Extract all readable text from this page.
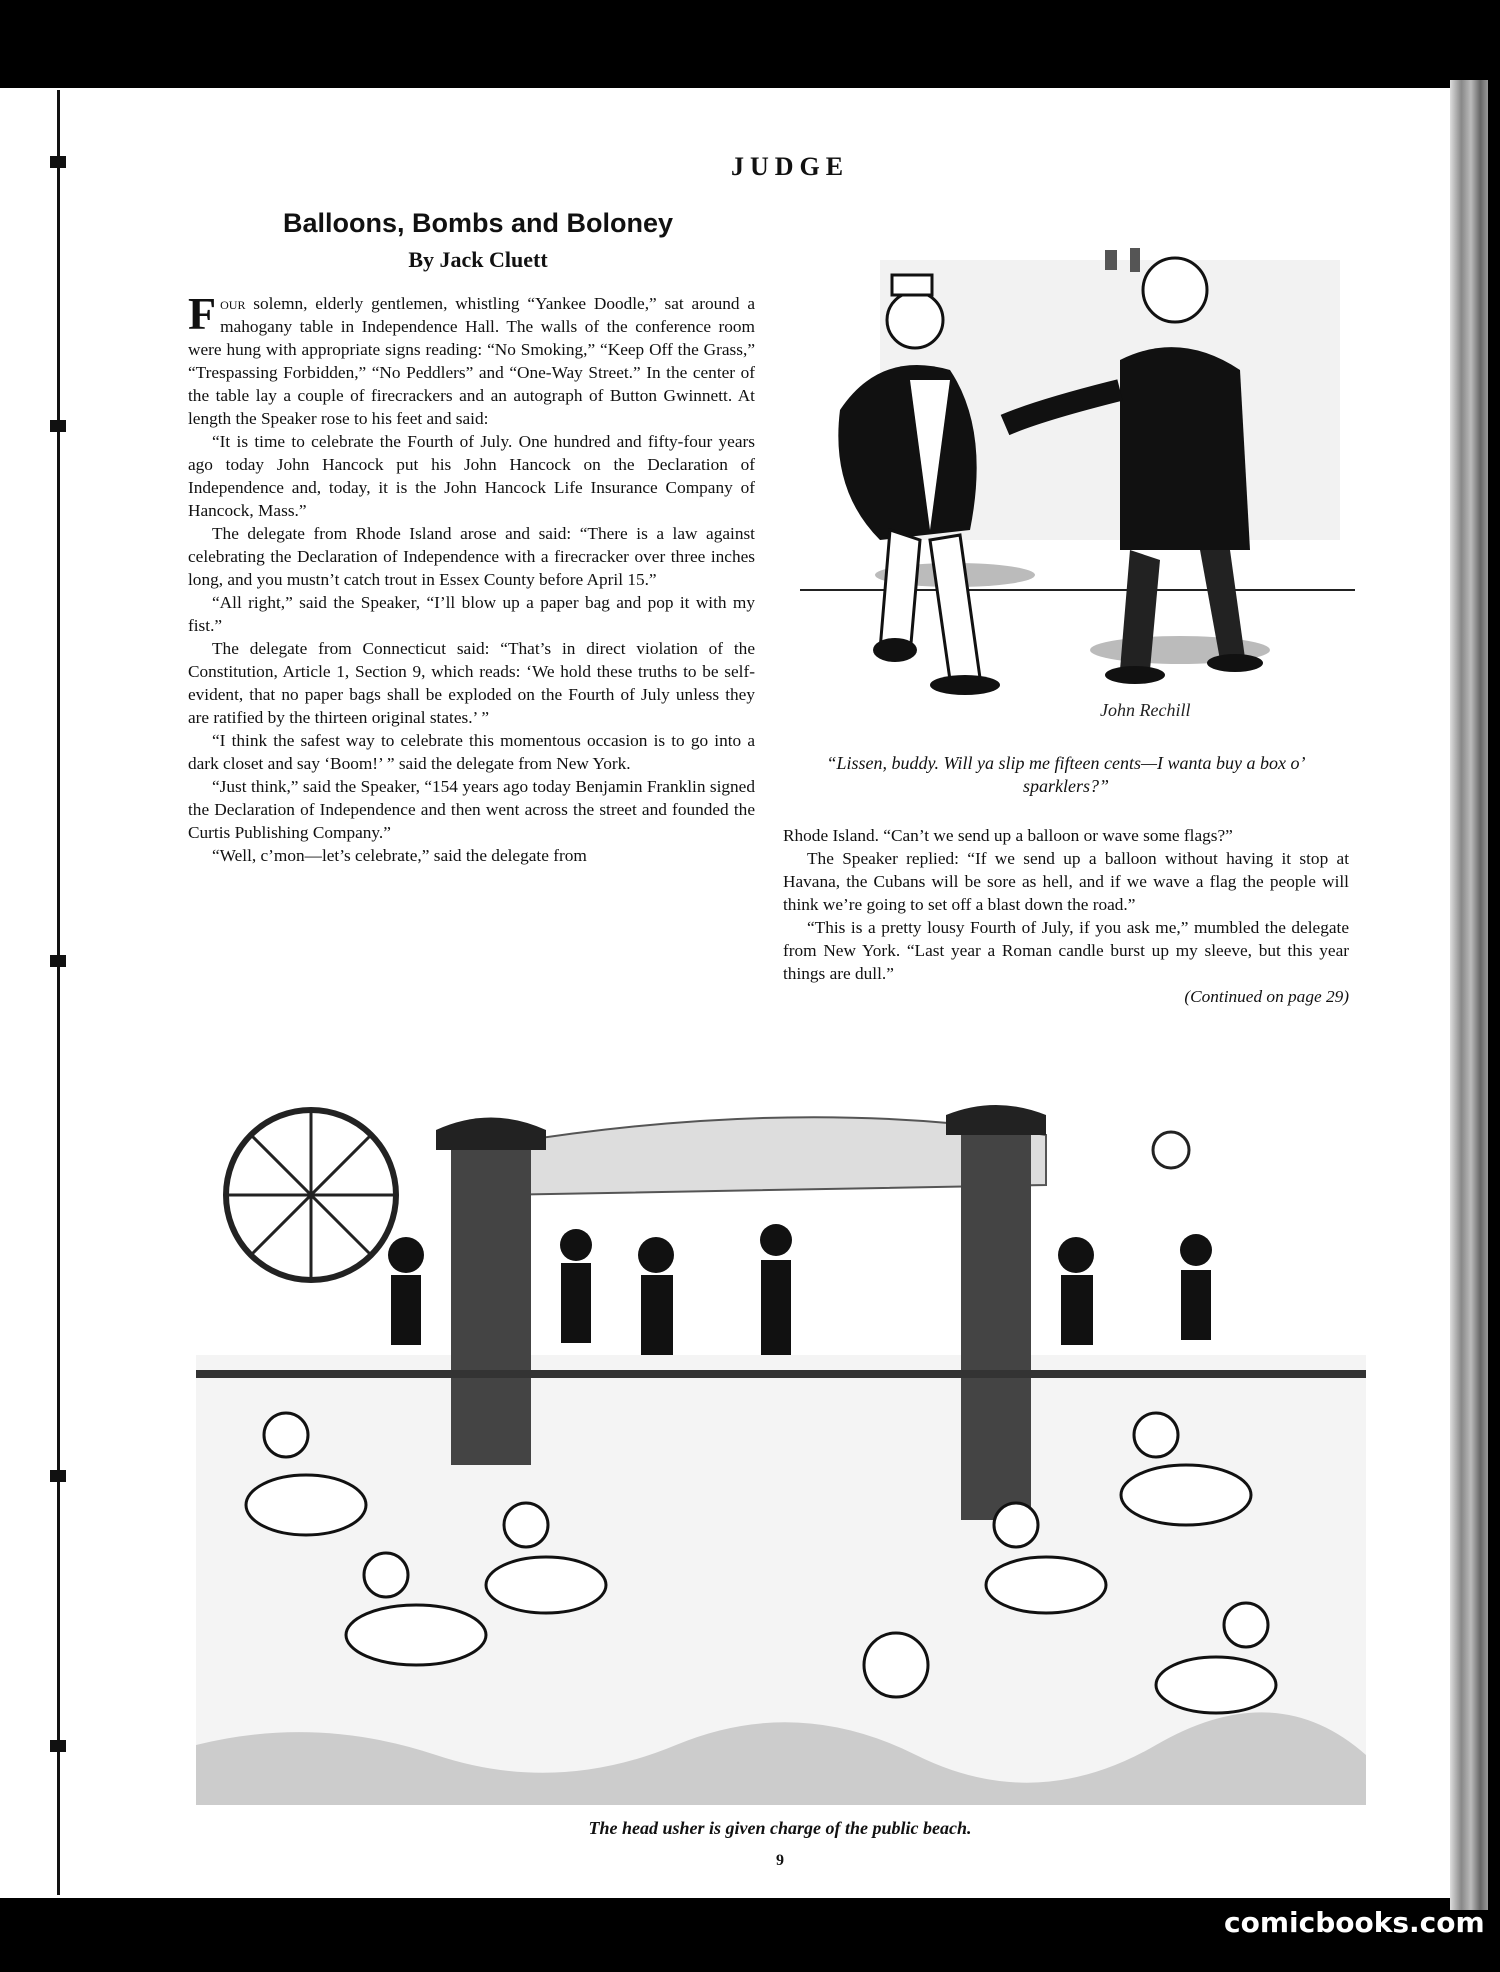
JUDGE
Balloons, Bombs and Boloney
By Jack Cluett

Four solemn, elderly gentlemen, whistling “Yankee Doodle,” sat around a mahogany table in Independence Hall. The walls of the conference room were hung with appropriate signs reading: “No Smoking,” “Keep Off the Grass,” “Trespassing Forbidden,” “No Peddlers” and “One-Way Street.” In the center of the table lay a couple of firecrackers and an autograph of Button Gwinnett. At length the Speaker rose to his feet and said:

“It is time to celebrate the Fourth of July. One hundred and fifty-four years ago today John Hancock put his John Hancock on the Declaration of Independence and, today, it is the John Hancock Life Insurance Company of Hancock, Mass.”

The delegate from Rhode Island arose and said: “There is a law against celebrating the Declaration of Independence with a firecracker over three inches long, and you mustn’t catch trout in Essex County before April 15.”

“All right,” said the Speaker, “I’ll blow up a paper bag and pop it with my fist.”

The delegate from Connecticut said: “That’s in direct violation of the Constitution, Article 1, Section 9, which reads: ‘We hold these truths to be self-evident, that no paper bags shall be exploded on the Fourth of July unless they are ratified by the thirteen original states.’ ”

“I think the safest way to celebrate this momentous occasion is to go into a dark closet and say ‘Boom!’ ” said the delegate from New York.

“Just think,” said the Speaker, “154 years ago today Benjamin Franklin signed the Declaration of Independence and then went across the street and founded the Curtis Publishing Company.”

“Well, c’mon—let’s celebrate,” said the delegate from

John Rechill
“Lissen, buddy. Will ya slip me fifteen cents—I wanta buy a box o’ sparklers?”

Rhode Island. “Can’t we send up a balloon or wave some flags?”

The Speaker replied: “If we send up a balloon without having it stop at Havana, the Cubans will be sore as hell, and if we wave a flag the people will think we’re going to set off a blast down the road.”

“This is a pretty lousy Fourth of July, if you ask me,” mumbled the delegate from New York. “Last year a Roman candle burst up my sleeve, but this year things are dull.”

(Continued on page 29)
The head usher is given charge of the public beach.
9
comicbooks.com
